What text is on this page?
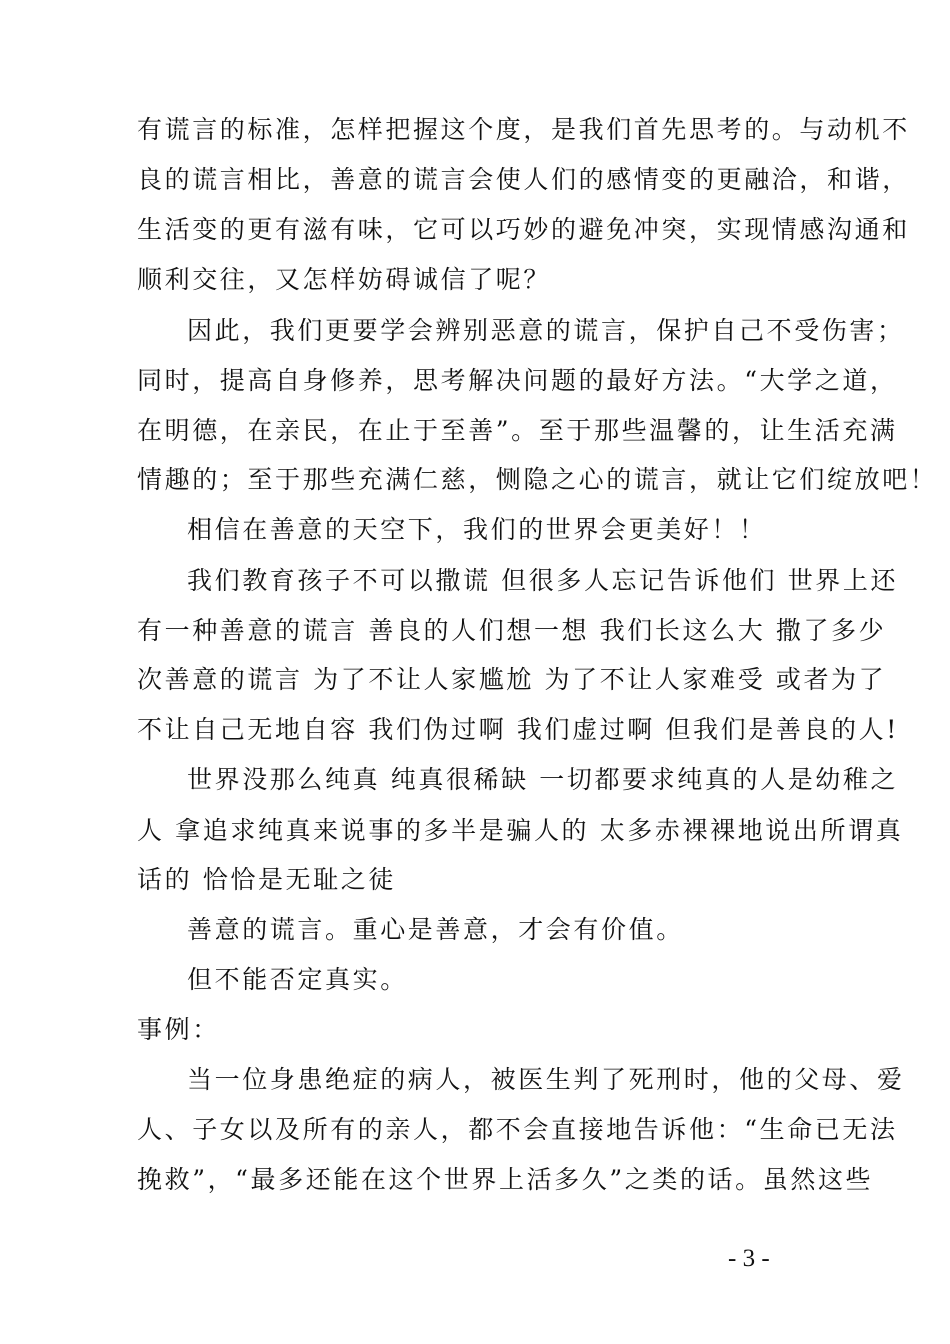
有谎言的标准，怎样把握这个度，是我们首先思考的。与动机不
良的谎言相比，善意的谎言会使人们的感情变的更融洽，和谐，
生活变的更有滋有味，它可以巧妙的避免冲突，实现情感沟通和
顺利交往，又怎样妨碍诚信了呢？
因此，我们更要学会辨别恶意的谎言，保护自己不受伤害；
同时，提高自身修养，思考解决问题的最好方法。“大学之道，
在明德，在亲民，在止于至善”。至于那些温馨的，让生活充满
情趣的；至于那些充满仁慈，恻隐之心的谎言，就让它们绽放吧！
相信在善意的天空下，我们的世界会更美好！！
我们教育孩子不可以撒谎 但很多人忘记告诉他们 世界上还
有一种善意的谎言 善良的人们想一想 我们长这么大 撒了多少
次善意的谎言 为了不让人家尴尬 为了不让人家难受 或者为了
不让自己无地自容 我们伪过啊 我们虚过啊 但我们是善良的人!
世界没那么纯真 纯真很稀缺 一切都要求纯真的人是幼稚之
人 拿追求纯真来说事的多半是骗人的 太多赤裸裸地说出所谓真
话的 恰恰是无耻之徒
善意的谎言。重心是善意，才会有价值。
但不能否定真实。
事例：
当一位身患绝症的病人，被医生判了死刑时，他的父母、爱
人、子女以及所有的亲人，都不会直接地告诉他：“生命已无法
挽救”，“最多还能在这个世界上活多久”之类的话。虽然这些
- 3 -
